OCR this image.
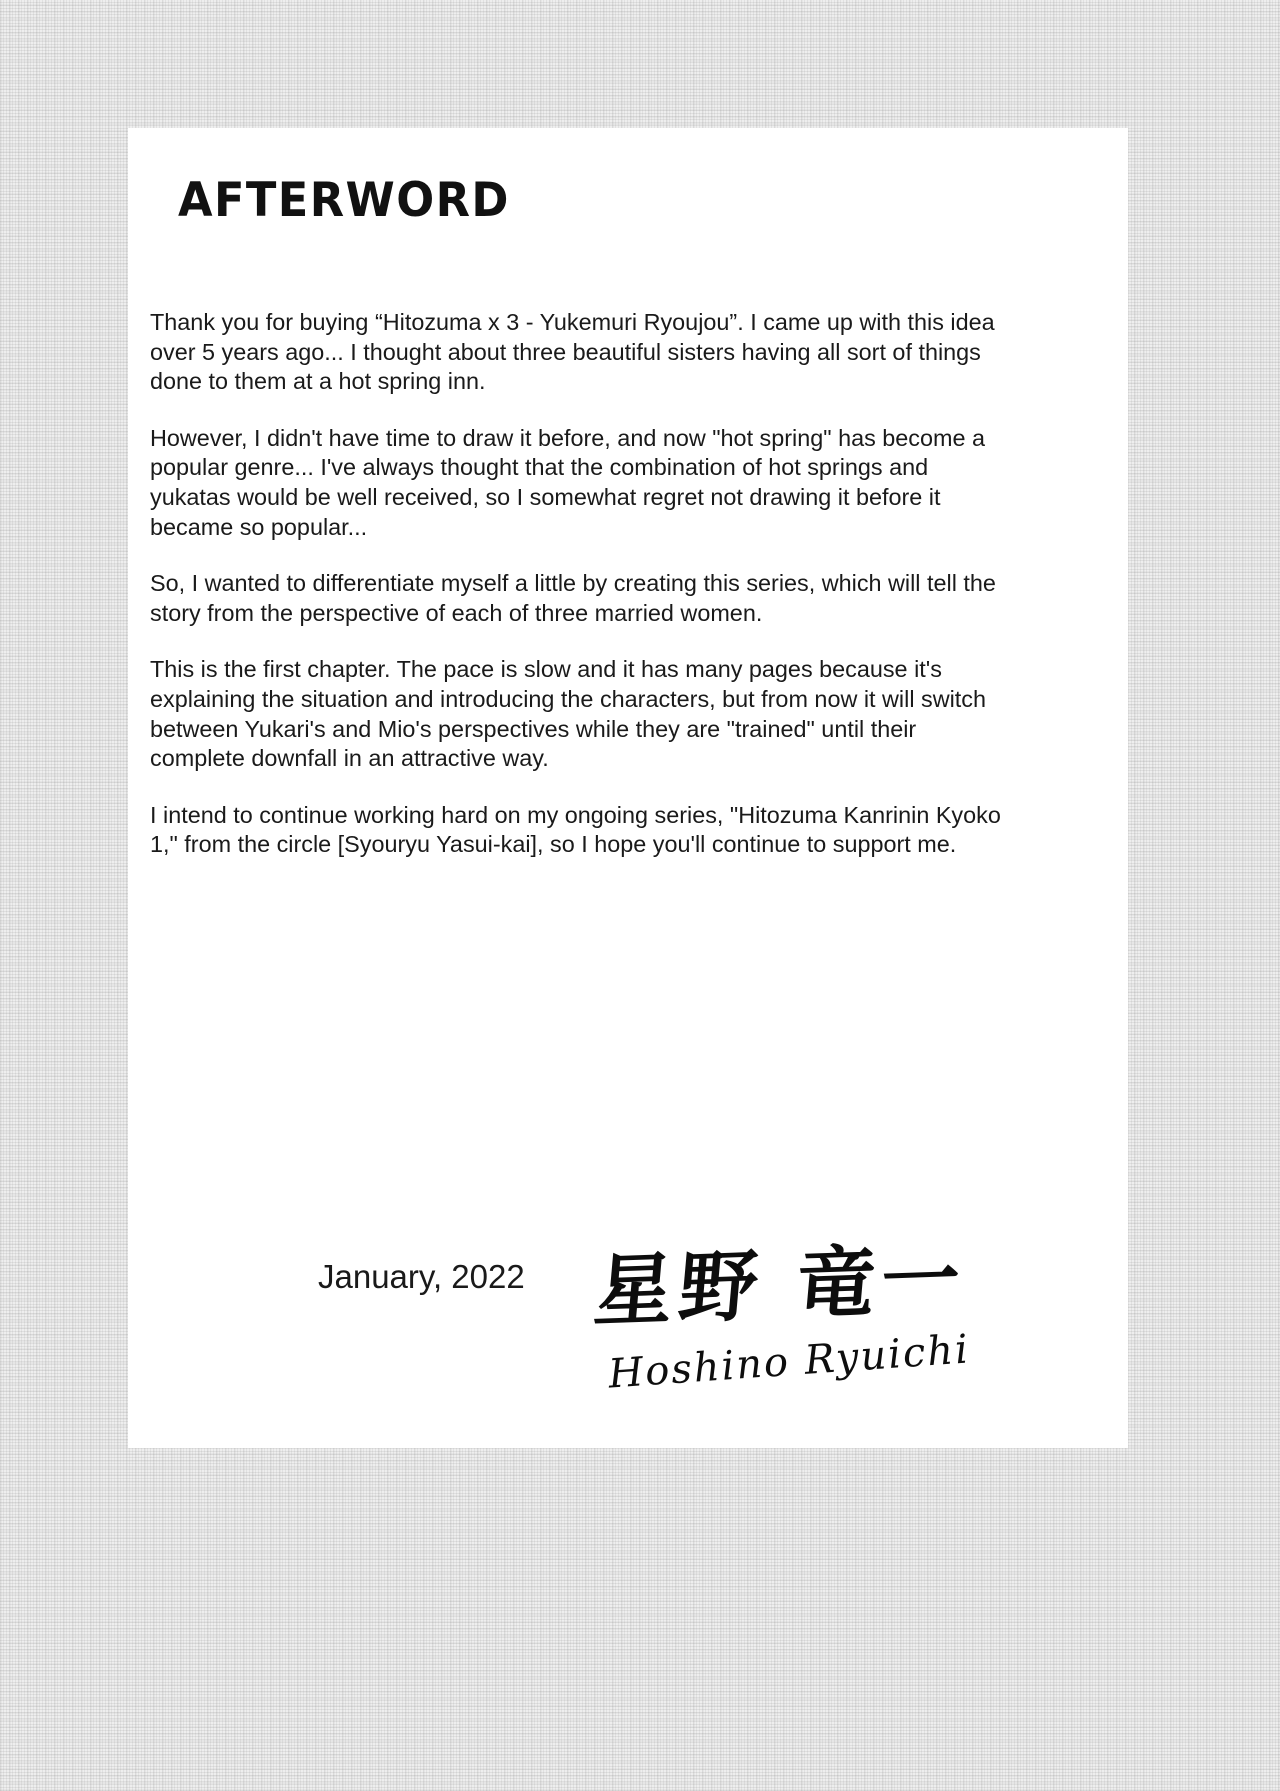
AFTERWORD

Thank you for buying “Hitozuma x 3 - Yukemuri Ryoujou”. I came up with this idea over 5 years ago... I thought about three beautiful sisters having all sort of things done to them at a hot spring inn.

However, I didn't have time to draw it before, and now "hot spring" has become a popular genre... I've always thought that the combination of hot springs and yukatas would be well received, so I somewhat regret not drawing it before it became so popular...

So, I wanted to differentiate myself a little by creating this series, which will tell the story from the perspective of each of three married women.

This is the first chapter. The pace is slow and it has many pages because it's explaining the situation and introducing the characters, but from now it will switch between Yukari's and Mio's perspectives while they are "trained" until their complete downfall in an attractive way.

I intend to continue working hard on my ongoing series, "Hitozuma Kanrinin Kyoko 1," from the circle [Syouryu Yasui-kai], so I hope you'll continue to support me.

January, 2022 星野 竜一
Hoshino Ryuichi
